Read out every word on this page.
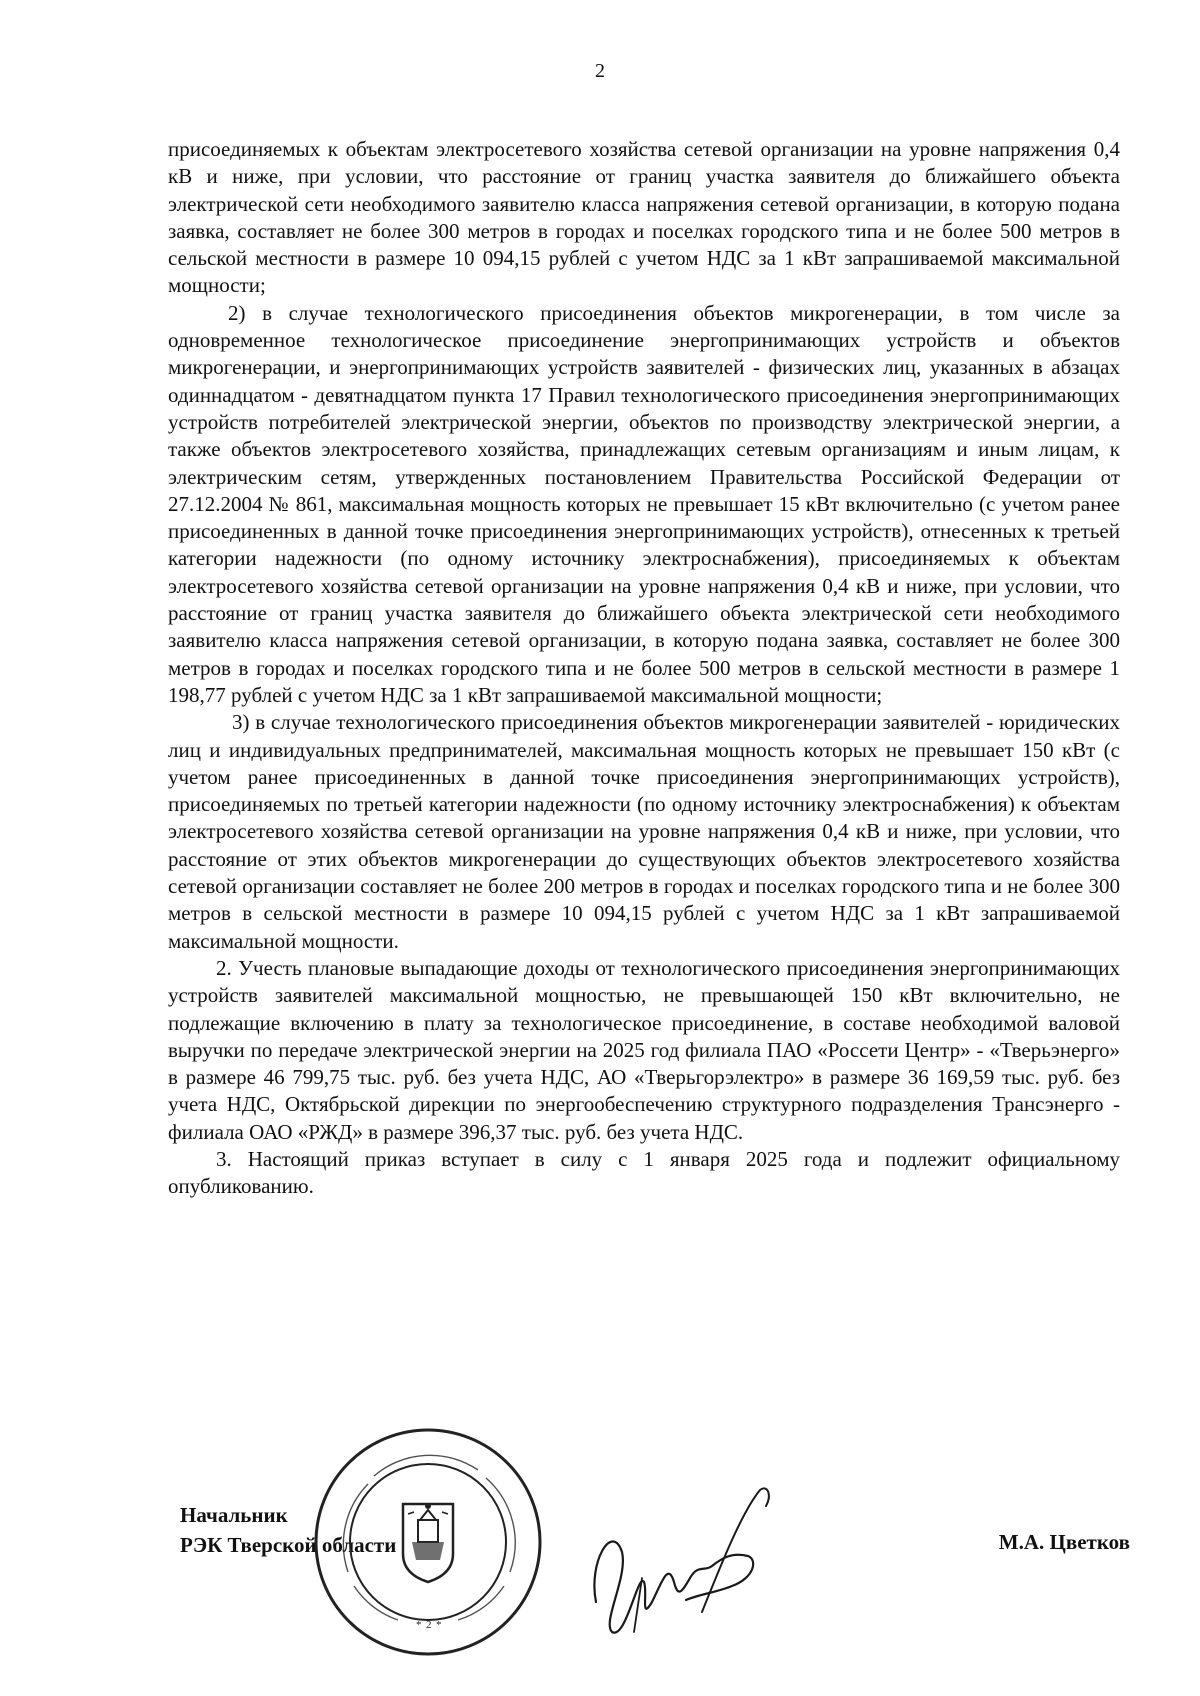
2

присоединяемых к объектам электросетевого хозяйства сетевой организации на уровне напряжения 0,4 кВ и ниже, при условии, что расстояние от границ участка заявителя до ближайшего объекта электрической сети необходимого заявителю класса напряжения сетевой организации, в которую подана заявка, составляет не более 300 метров в городах и поселках городского типа и не более 500 метров в сельской местности в размере 10 094,15 рублей с учетом НДС за 1 кВт запрашиваемой максимальной мощности;

2) в случае технологического присоединения объектов микрогенерации, в том числе за одновременное технологическое присоединение энергопринимающих устройств и объектов микрогенерации, и энергопринимающих устройств заявителей - физических лиц, указанных в абзацах одиннадцатом - девятнадцатом пункта 17 Правил технологического присоединения энергопринимающих устройств потребителей электрической энергии, объектов по производству электрической энергии, а также объектов электросетевого хозяйства, принадлежащих сетевым организациям и иным лицам, к электрическим сетям, утвержденных постановлением Правительства Российской Федерации от 27.12.2004 № 861, максимальная мощность которых не превышает 15 кВт включительно (с учетом ранее присоединенных в данной точке присоединения энергопринимающих устройств), отнесенных к третьей категории надежности (по одному источнику электроснабжения), присоединяемых к объектам электросетевого хозяйства сетевой организации на уровне напряжения 0,4 кВ и ниже, при условии, что расстояние от границ участка заявителя до ближайшего объекта электрической сети необходимого заявителю класса напряжения сетевой организации, в которую подана заявка, составляет не более 300 метров в городах и поселках городского типа и не более 500 метров в сельской местности в размере 1 198,77 рублей с учетом НДС за 1 кВт запрашиваемой максимальной мощности;

3) в случае технологического присоединения объектов микрогенерации заявителей - юридических лиц и индивидуальных предпринимателей, максимальная мощность которых не превышает 150 кВт (с учетом ранее присоединенных в данной точке присоединения энергопринимающих устройств), присоединяемых по третьей категории надежности (по одному источнику электроснабжения) к объектам электросетевого хозяйства сетевой организации на уровне напряжения 0,4 кВ и ниже, при условии, что расстояние от этих объектов микрогенерации до существующих объектов электросетевого хозяйства сетевой организации составляет не более 200 метров в городах и поселках городского типа и не более 300 метров в сельской местности в размере 10 094,15 рублей с учетом НДС за 1 кВт запрашиваемой максимальной мощности.

2. Учесть плановые выпадающие доходы от технологического присоединения энергопринимающих устройств заявителей максимальной мощностью, не превышающей 150 кВт включительно, не подлежащие включению в плату за технологическое присоединение, в составе необходимой валовой выручки по передаче электрической энергии на 2025 год филиала ПАО «Россети Центр» - «Тверьэнерго» в размере 46 799,75 тыс. руб. без учета НДС, АО «Тверьгорэлектро» в размере 36 169,59 тыс. руб. без учета НДС, Октябрьской дирекции по энергообеспечению структурного подразделения Трансэнерго - филиала ОАО «РЖД» в размере 396,37 тыс. руб. без учета НДС.

3. Настоящий приказ вступает в силу с 1 января 2025 года и подлежит официальному опубликованию.

Начальник
РЭК Тверской области
* 2 *
М.А. Цветков
